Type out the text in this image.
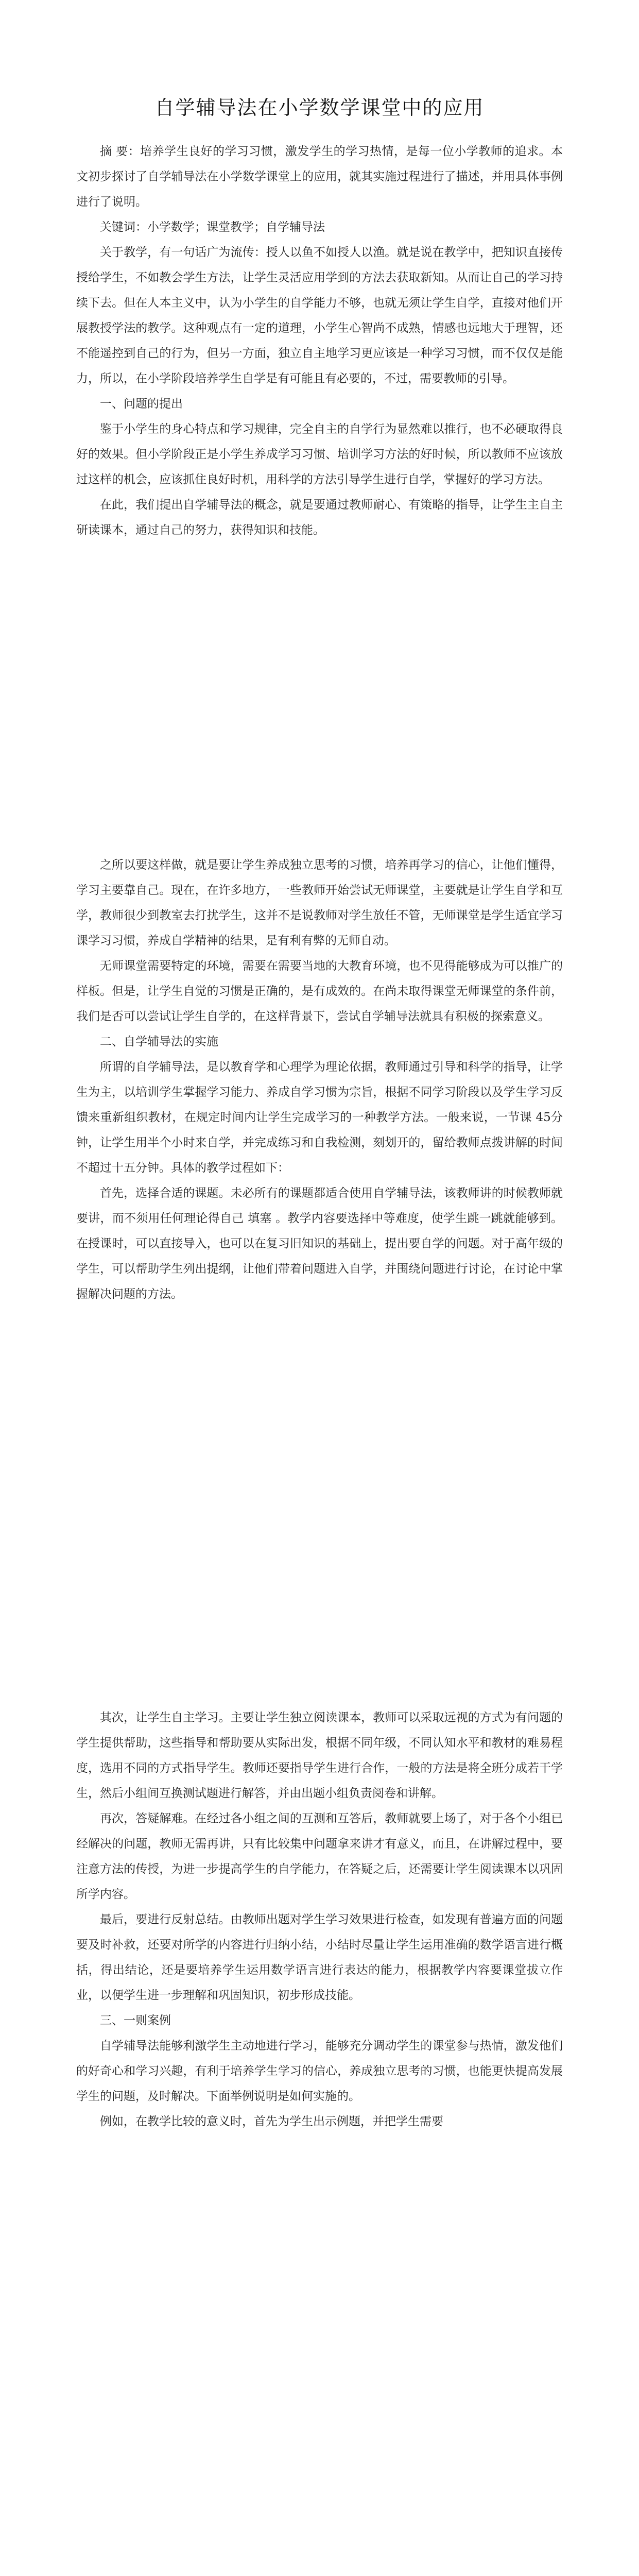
自学辅导法在小学数学课堂中的应用

摘 要：培养学生良好的学习习惯，激发学生的学习热情，是每一位小学教师的追求。本文初步探讨了自学辅导法在小学数学课堂上的应用，就其实施过程进行了描述，并用具体事例进行了说明。

关键词：小学数学；课堂教学；自学辅导法

关于教学，有一句话广为流传：授人以鱼不如授人以渔。就是说在教学中，把知识直接传授给学生，不如教会学生方法，让学生灵活应用学到的方法去获取新知。从而让自己的学习持续下去。但在人本主义中，认为小学生的自学能力不够，也就无须让学生自学，直接对他们开展教授学法的教学。这种观点有一定的道理，小学生心智尚不成熟，情感也远地大于理智，还不能遥控到自己的行为，但另一方面，独立自主地学习更应该是一种学习习惯，而不仅仅是能力，所以，在小学阶段培养学生自学是有可能且有必要的，不过，需要教师的引导。

一、问题的提出

鉴于小学生的身心特点和学习规律，完全自主的自学行为显然难以推行，也不必硬取得良好的效果。但小学阶段正是小学生养成学习习惯、培训学习方法的好时候，所以教师不应该放过这样的机会，应该抓住良好时机，用科学的方法引导学生进行自学，掌握好的学习方法。

在此，我们提出自学辅导法的概念，就是要通过教师耐心、有策略的指导，让学生主自主研读课本，通过自己的努力，获得知识和技能。

之所以要这样做，就是要让学生养成独立思考的习惯，培养再学习的信心，让他们懂得，学习主要靠自己。现在，在许多地方，一些教师开始尝试无师课堂，主要就是让学生自学和互学，教师很少到教室去打扰学生，这并不是说教师对学生放任不管，无师课堂是学生适宜学习课学习习惯，养成自学精神的结果，是有利有弊的无师自动。

无师课堂需要特定的环境，需要在需要当地的大教育环境，也不见得能够成为可以推广的样板。但是，让学生自觉的习惯是正确的，是有成效的。在尚未取得课堂无师课堂的条件前，我们是否可以尝试让学生自学的，在这样背景下，尝试自学辅导法就具有积极的探索意义。

二、自学辅导法的实施

所谓的自学辅导法，是以教育学和心理学为理论依据，教师通过引导和科学的指导，让学生为主，以培训学生掌握学习能力、养成自学习惯为宗旨，根据不同学习阶段以及学生学习反馈来重新组织教材，在规定时间内让学生完成学习的一种教学方法。一般来说，一节课 45分钟，让学生用半个小时来自学，并完成练习和自我检测，刻划开的，留给教师点拨讲解的时间不超过十五分钟。具体的教学过程如下：

首先，选择合适的课题。未必所有的课题都适合使用自学辅导法，该教师讲的时候教师就要讲，而不须用任何理论得自己 填塞 。教学内容要选择中等难度，使学生跳一跳就能够到。在授课时，可以直接导入，也可以在复习旧知识的基础上，提出要自学的问题。对于高年级的学生，可以帮助学生列出提纲，让他们带着问题进入自学，并围绕问题进行讨论，在讨论中掌握解决问题的方法。

其次，让学生自主学习。主要让学生独立阅读课本，教师可以采取远视的方式为有问题的学生提供帮助，这些指导和帮助要从实际出发，根据不同年级，不同认知水平和教材的难易程度，选用不同的方式指导学生。教师还要指导学生进行合作，一般的方法是将全班分成若干学生，然后小组间互换测试题进行解答，并由出题小组负责阅卷和讲解。

再次，答疑解难。在经过各小组之间的互测和互答后，教师就要上场了，对于各个小组已经解决的问题，教师无需再讲，只有比较集中问题拿来讲才有意义，而且，在讲解过程中，要注意方法的传授，为进一步提高学生的自学能力，在答疑之后，还需要让学生阅读课本以巩固所学内容。

最后，要进行反射总结。由教师出题对学生学习效果进行检查，如发现有普遍方面的问题要及时补救，还要对所学的内容进行归纳小结，小结时尽量让学生运用准确的数学语言进行概括，得出结论，还是要培养学生运用数学语言进行表达的能力，根据教学内容要课堂拔立作业，以便学生进一步理解和巩固知识，初步形成技能。

三、一则案例

自学辅导法能够利激学生主动地进行学习，能够充分调动学生的课堂参与热情，激发他们的好奇心和学习兴趣，有利于培养学生学习的信心，养成独立思考的习惯，也能更快提高发展学生的问题，及时解决。下面举例说明是如何实施的。

例如，在教学比较的意义时，首先为学生出示例题，并把学生需要
